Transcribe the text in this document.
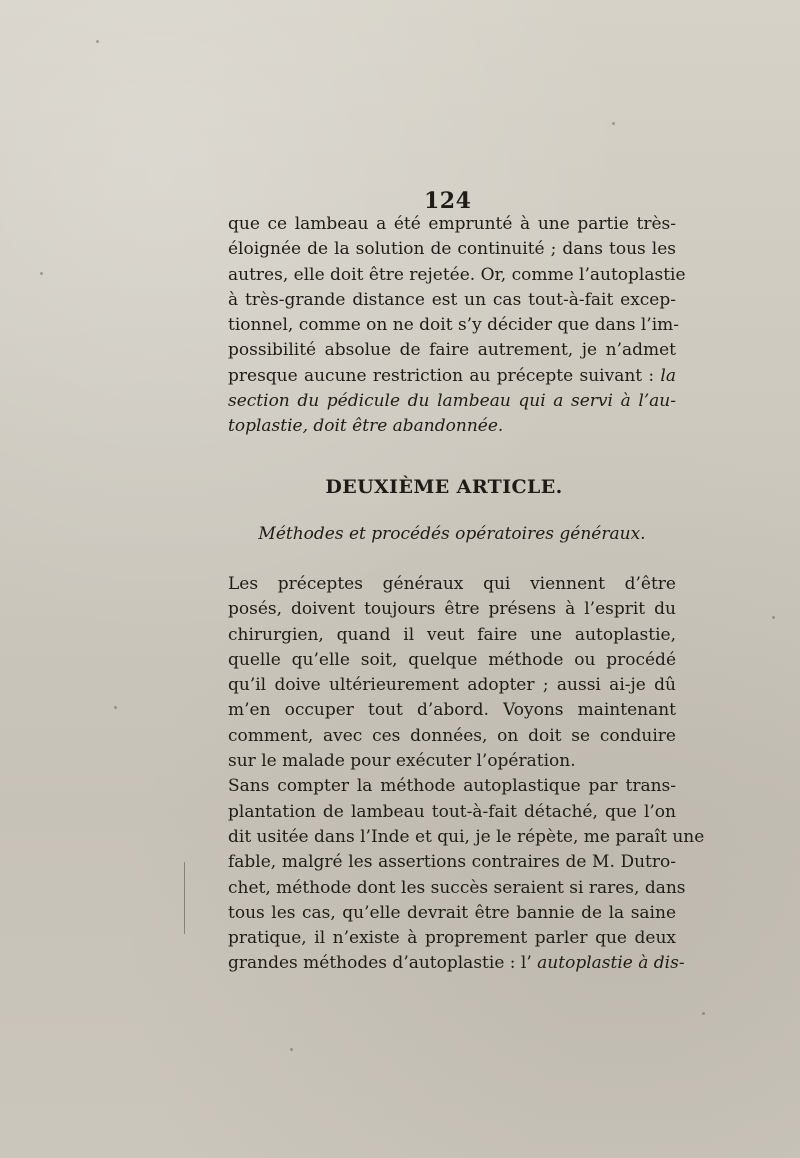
124
que ce lambeau a été emprunté à une partie très-
éloignée de la solution de continuité ; dans tous les
autres, elle doit être rejetée. Or, comme l’autoplastie
à très-grande distance est un cas tout-à-fait excep-
tionnel, comme on ne doit s’y décider que dans l’im-
possibilité absolue de faire autrement, je n’admet
presque aucune restriction au précepte suivant : la
section du pédicule du lambeau qui a servi à l’au-
toplastie, doit être abandonnée.
DEUXIÈME ARTICLE.
Méthodes et procédés opératoires généraux.
Les préceptes généraux qui viennent d’être
posés, doivent toujours être présens à l’esprit du
chirurgien, quand il veut faire une autoplastie,
quelle qu’elle soit, quelque méthode ou procédé
qu’il doive ultérieurement adopter ; aussi ai-je dû
m’en occuper tout d’abord. Voyons maintenant
comment, avec ces données, on doit se conduire
sur le malade pour exécuter l’opération.
Sans compter la méthode autoplastique par trans-
plantation de lambeau tout-à-fait détaché, que l’on
dit usitée dans l’Inde et qui, je le répète, me paraît une
fable, malgré les assertions contraires de M. Dutro-
chet, méthode dont les succès seraient si rares, dans
tous les cas, qu’elle devrait être bannie de la saine
pratique, il n’existe à proprement parler que deux
grandes méthodes d’autoplastie : l’ autoplastie à dis-
